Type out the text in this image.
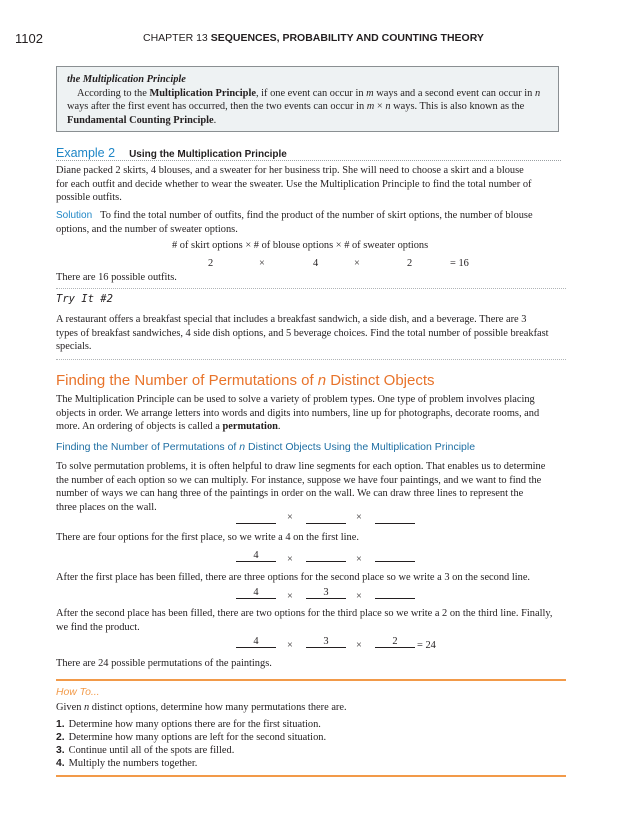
1102	CHAPTER 13 SEQUENCES, PROBABILITY AND COUNTING THEORY
the Multiplication Principle

According to the Multiplication Principle, if one event can occur in m ways and a second event can occur in n

ways after the first event has occurred, then the two events can occur in m × n ways. This is also known as the

Fundamental Counting Principle.

Example 2 Using the Multiplication Principle

Diane packed 2 skirts, 4 blouses, and a sweater for her business trip. She will need to choose a skirt and a blouse

for each outfit and decide whether to wear the sweater. Use the Multiplication Principle to find the total number of

possible outfits.

Solution To find the total number of outfits, find the product of the number of skirt options, the number of blouse

options, and the number of sweater options.

# of skirt options × # of blouse options × # of sweater options
2	×	4	×	2	= 16

There are 16 possible outfits.

Try It #2

A restaurant offers a breakfast special that includes a breakfast sandwich, a side dish, and a beverage. There are 3

types of breakfast sandwiches, 4 side dish options, and 5 beverage choices. Find the total number of possible breakfast

specials.

Finding the Number of Permutations of n Distinct Objects

The Multiplication Principle can be used to solve a variety of problem types. One type of problem involves placing

objects in order. We arrange letters into words and digits into numbers, line up for photographs, decorate rooms, and

more. An ordering of objects is called a permutation.

Finding the Number of Permutations of n Distinct Objects Using the Multiplication Principle

To solve permutation problems, it is often helpful to draw line segments for each option. That enables us to determine

the number of each option so we can multiply. For instance, suppose we have four paintings, and we want to find the

number of ways we can hang three of the paintings in order on the wall. We can draw three lines to represent the

three places on the wall.

×	×

There are four options for the first place, so we write a 4 on the first line.

4	×	×

After the first place has been filled, there are three options for the second place so we write a 3 on the second line.

4	×	3	×

After the second place has been filled, there are two options for the third place so we write a 2 on the third line. Finally,

we find the product.

4	×	3	×	2	= 24

There are 24 possible permutations of the paintings.

How To...

Given n distinct options, determine how many permutations there are.

1. Determine how many options there are for the first situation.
2. Determine how many options are left for the second situation.
3. Continue until all of the spots are filled.
4. Multiply the numbers together.
